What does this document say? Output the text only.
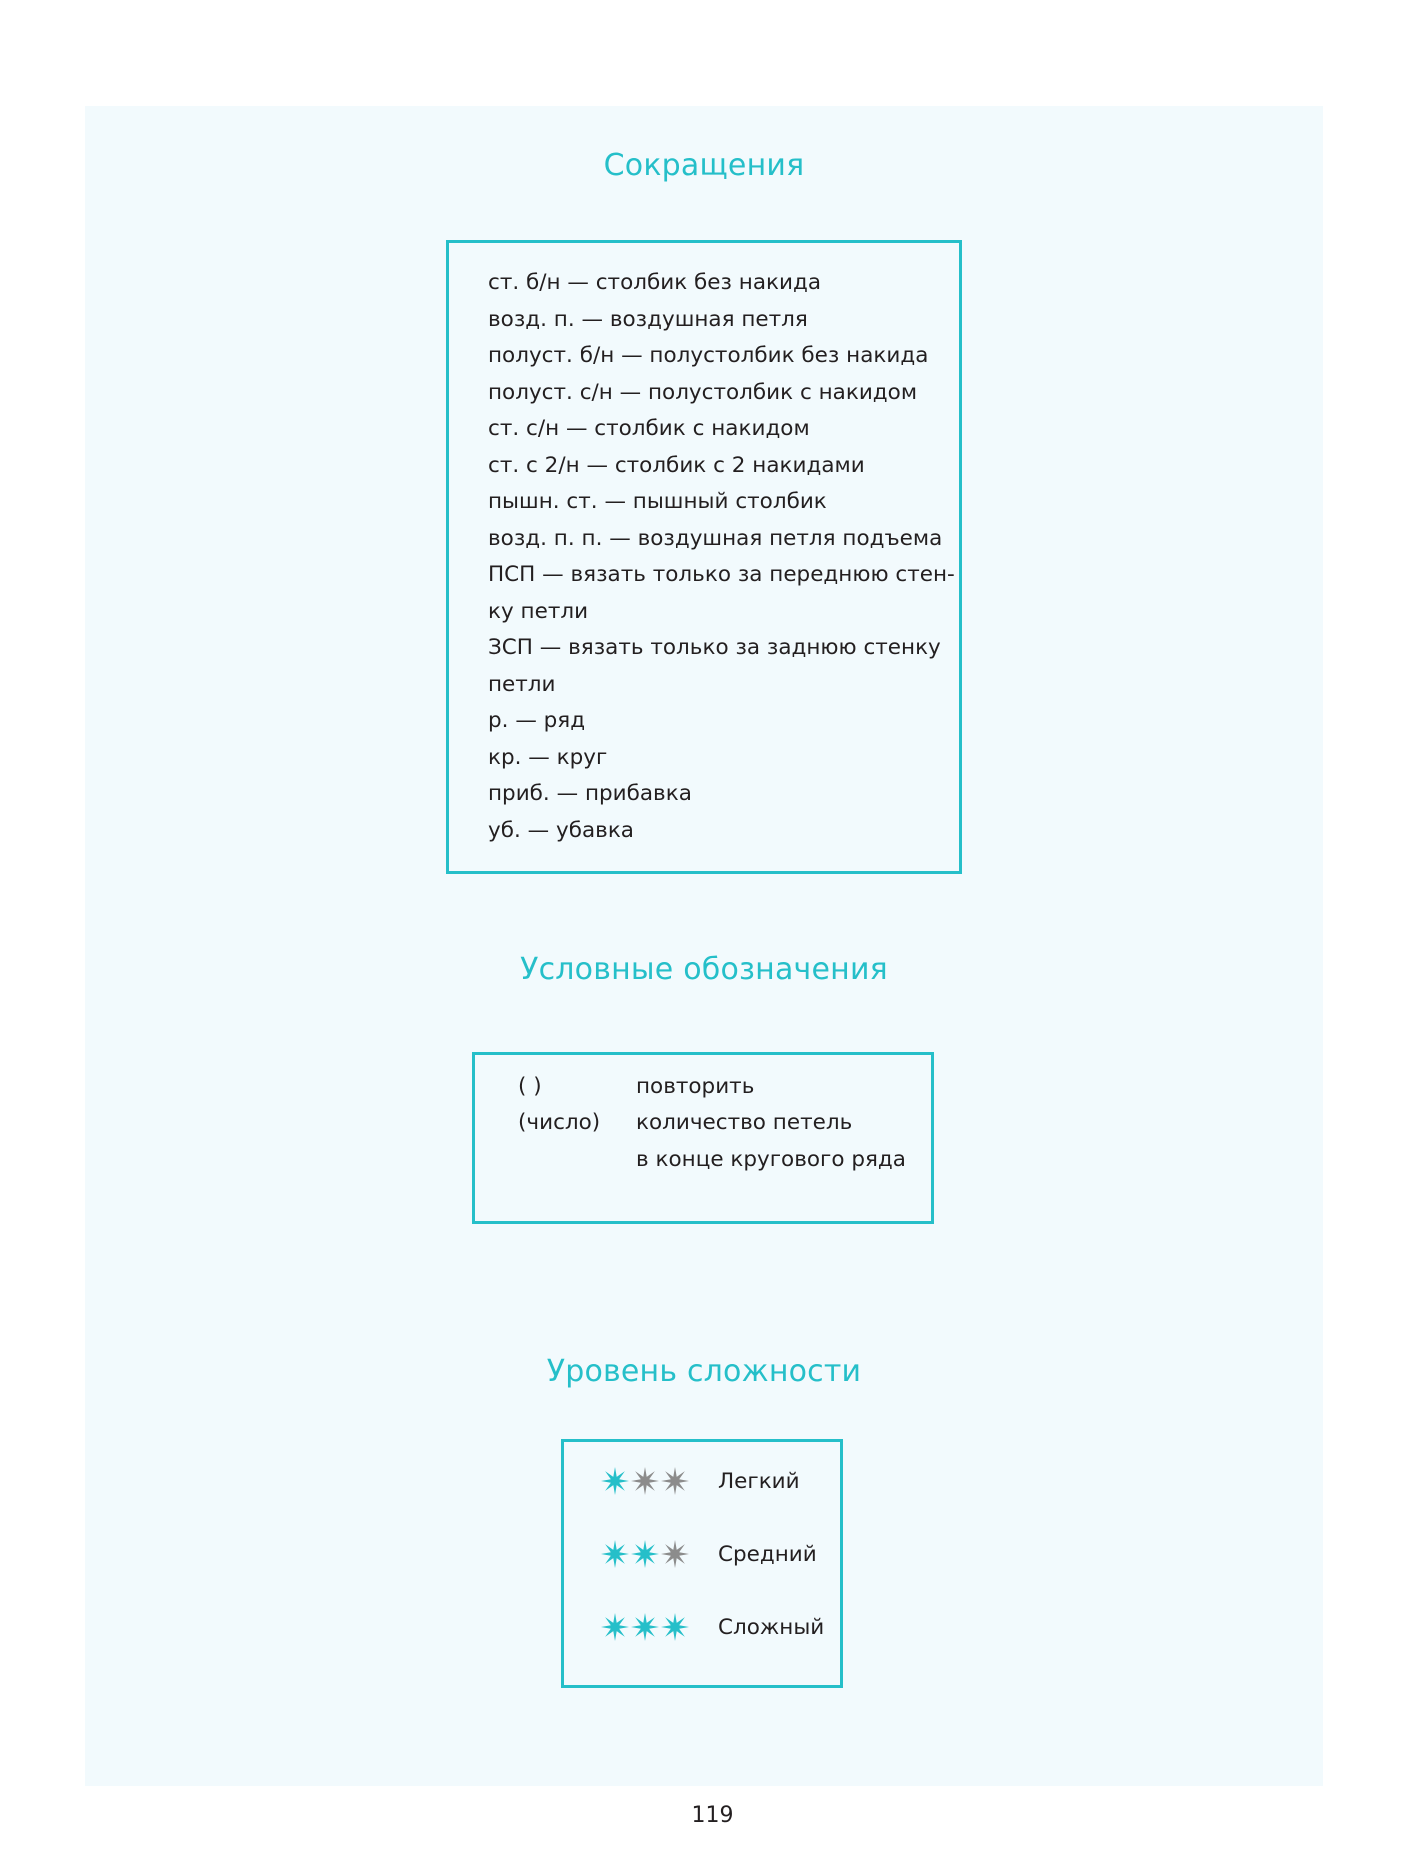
Сокращения
ст. б/н — столбик без накида
возд. п. — воздушная петля
полуст. б/н — полустолбик без накида
полуст. с/н — полустолбик с накидом
ст. с/н — столбик с накидом
ст. с 2/н — столбик с 2 накидами
пышн. ст. — пышный столбик
возд. п. п. — воздушная петля подъема
ПСП — вязать только за переднюю стен-
ку петли
ЗСП — вязать только за заднюю стенку
петли
р. — ряд
кр. — круг
приб. — прибавка
уб. — убавка
Условные обозначения
( )	повторить
(число) количество петель
в конце кругового ряда
Уровень сложности
Легкий
Средний
Сложный
119
